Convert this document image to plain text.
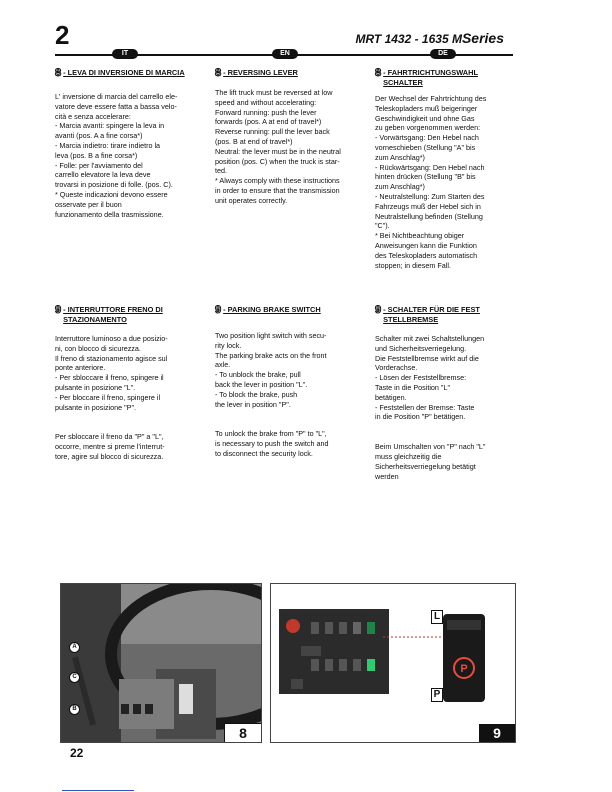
2	MRT 1432 - 1635 MSeries
IT	EN	DE
8 - LEVA DI INVERSIONE DI MARCIA

L' inversione di marcia del carrello ele-
vatore deve essere fatta a bassa velo-
cità e senza accelerare:

- Marcia avanti: spingere la leva in
avanti (pos. A a fine corsa*)

- Marcia indietro: tirare indietro la
leva (pos. B a fine corsa*)

- Folle: per l'avviamento del
carrello elevatore la leva deve
trovarsi in posizione di folle. (pos. C).

* Queste indicazioni devono essere
osservate per il buon
funzionamento della trasmissione.

8 - REVERSING LEVER

The lift truck must be reversed at low
speed and without accelerating:

Forward running: push the lever
forwards (pos. A at end of travel*)

Reverse running: pull the lever back
(pos. B at end of travel*)

Neutral: the lever must be in the neutral
position (pos. C) when the truck is star-
ted.

* Always comply with these instructions
in order to ensure that the transmission
unit operates correctly.

8 - FAHRTRICHTUNGSWAHL
SCHALTER

Der Wechsel der Fahrtrichtung des
Teleskopladers muß beigeringer
Geschwindigkeit und ohne Gas
zu geben vorgenommen werden:

- Vorwärtsgang: Den Hebel nach
vorneschieben (Stellung "A" bis
zum Anschlag*)

- Rückwärtsgang: Den Hebel nach
hinten drücken (Stellung "B" bis
zum Anschlag*)

- Neutralstellung: Zum Starten des
Fahrzeugs muß der Hebel sich in
Neutralstellung befinden (Stellung
"C").

* Bei Nichtbeachtung obiger
Anweisungen kann die Funktion
des Teleskopladers automatisch
stoppen; in diesem Fall.

9 - INTERRUTTORE FRENO DI
STAZIONAMENTO

Interruttore luminoso a due posizio-
ni, con blocco di sicurezza.

Il freno di stazionamento agisce sul
ponte anteriore.

- Per sbloccare il freno, spingere il
pulsante in posizione "L".

- Per bloccare il freno, spingere il
pulsante in posizione "P".

Per sbloccare il freno da "P" a "L",
occorre, mentre si preme l'interrut-
tore, agire sul blocco di sicurezza.

9 - PARKING BRAKE SWITCH

Two position light switch with secu-
rity lock.

The parking brake acts on the front
axle.

- To unblock the brake, pull
back the lever in position "L".

- To block the brake, push
the lever in position "P".

To unlock the brake from "P" to "L",
is necessary to push the switch and
to disconnect the security lock.

9 - SCHALTER FÜR DIE FEST
STELLBREMSE

Schalter mit zwei Schaltstellungen
und Sicherheitsverriegelung.

Die Feststellbremse wirkt auf die
Vorderachse.

- Lösen der Feststellbremse:
Taste in die Position "L"
betätigen.

- Feststellen der Bremse: Taste
in die Position "P" betätigen.

Beim Umschalten von "P" nach "L"
muss gleichzeitig die
Sicherheitsverriegelung betätigt
werden

A
C
B
8
P
L
P
9
22
